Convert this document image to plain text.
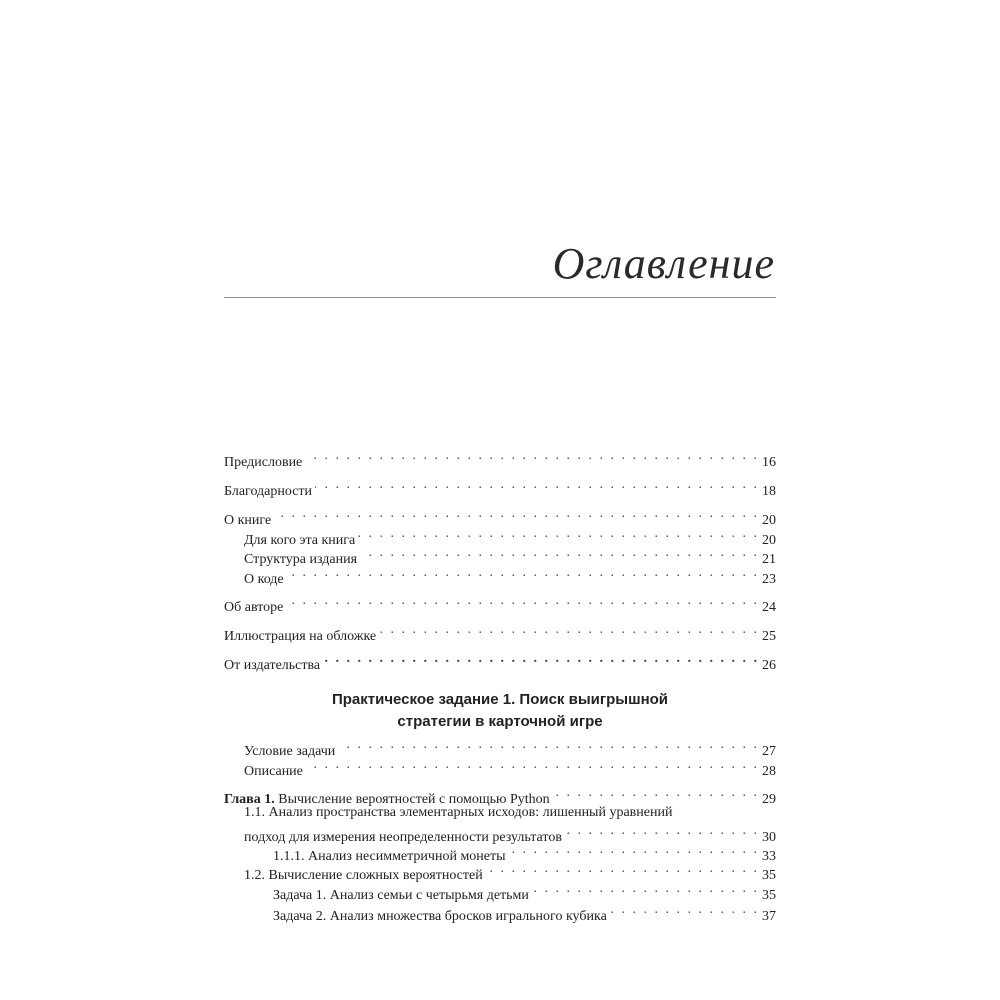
Оглавление
Предисловие . . .	16
Благодарности . . .	18
О книге . . .	20
Для кого эта книга . . .	20
Структура издания . . .	21
О коде . . .	23
Об авторе . . .	24
Иллюстрация на обложке . . .	25
От издательства . . .	26
Практическое задание 1. Поиск выигрышной
стратегии в карточной игре
Условие задачи . . .	27
Описание . . .	28
Глава 1. Вычисление вероятностей с помощью Python . . .	29
1.1. Анализ пространства элементарных исходов: лишенный уравнений
подход для измерения неопределенности результатов . . .	30
1.1.1. Анализ несимметричной монеты . . .	33
1.2. Вычисление сложных вероятностей . . .	35
Задача 1. Анализ семьи с четырьмя детьми . . .	35
Задача 2. Анализ множества бросков игрального кубика . . .	37
